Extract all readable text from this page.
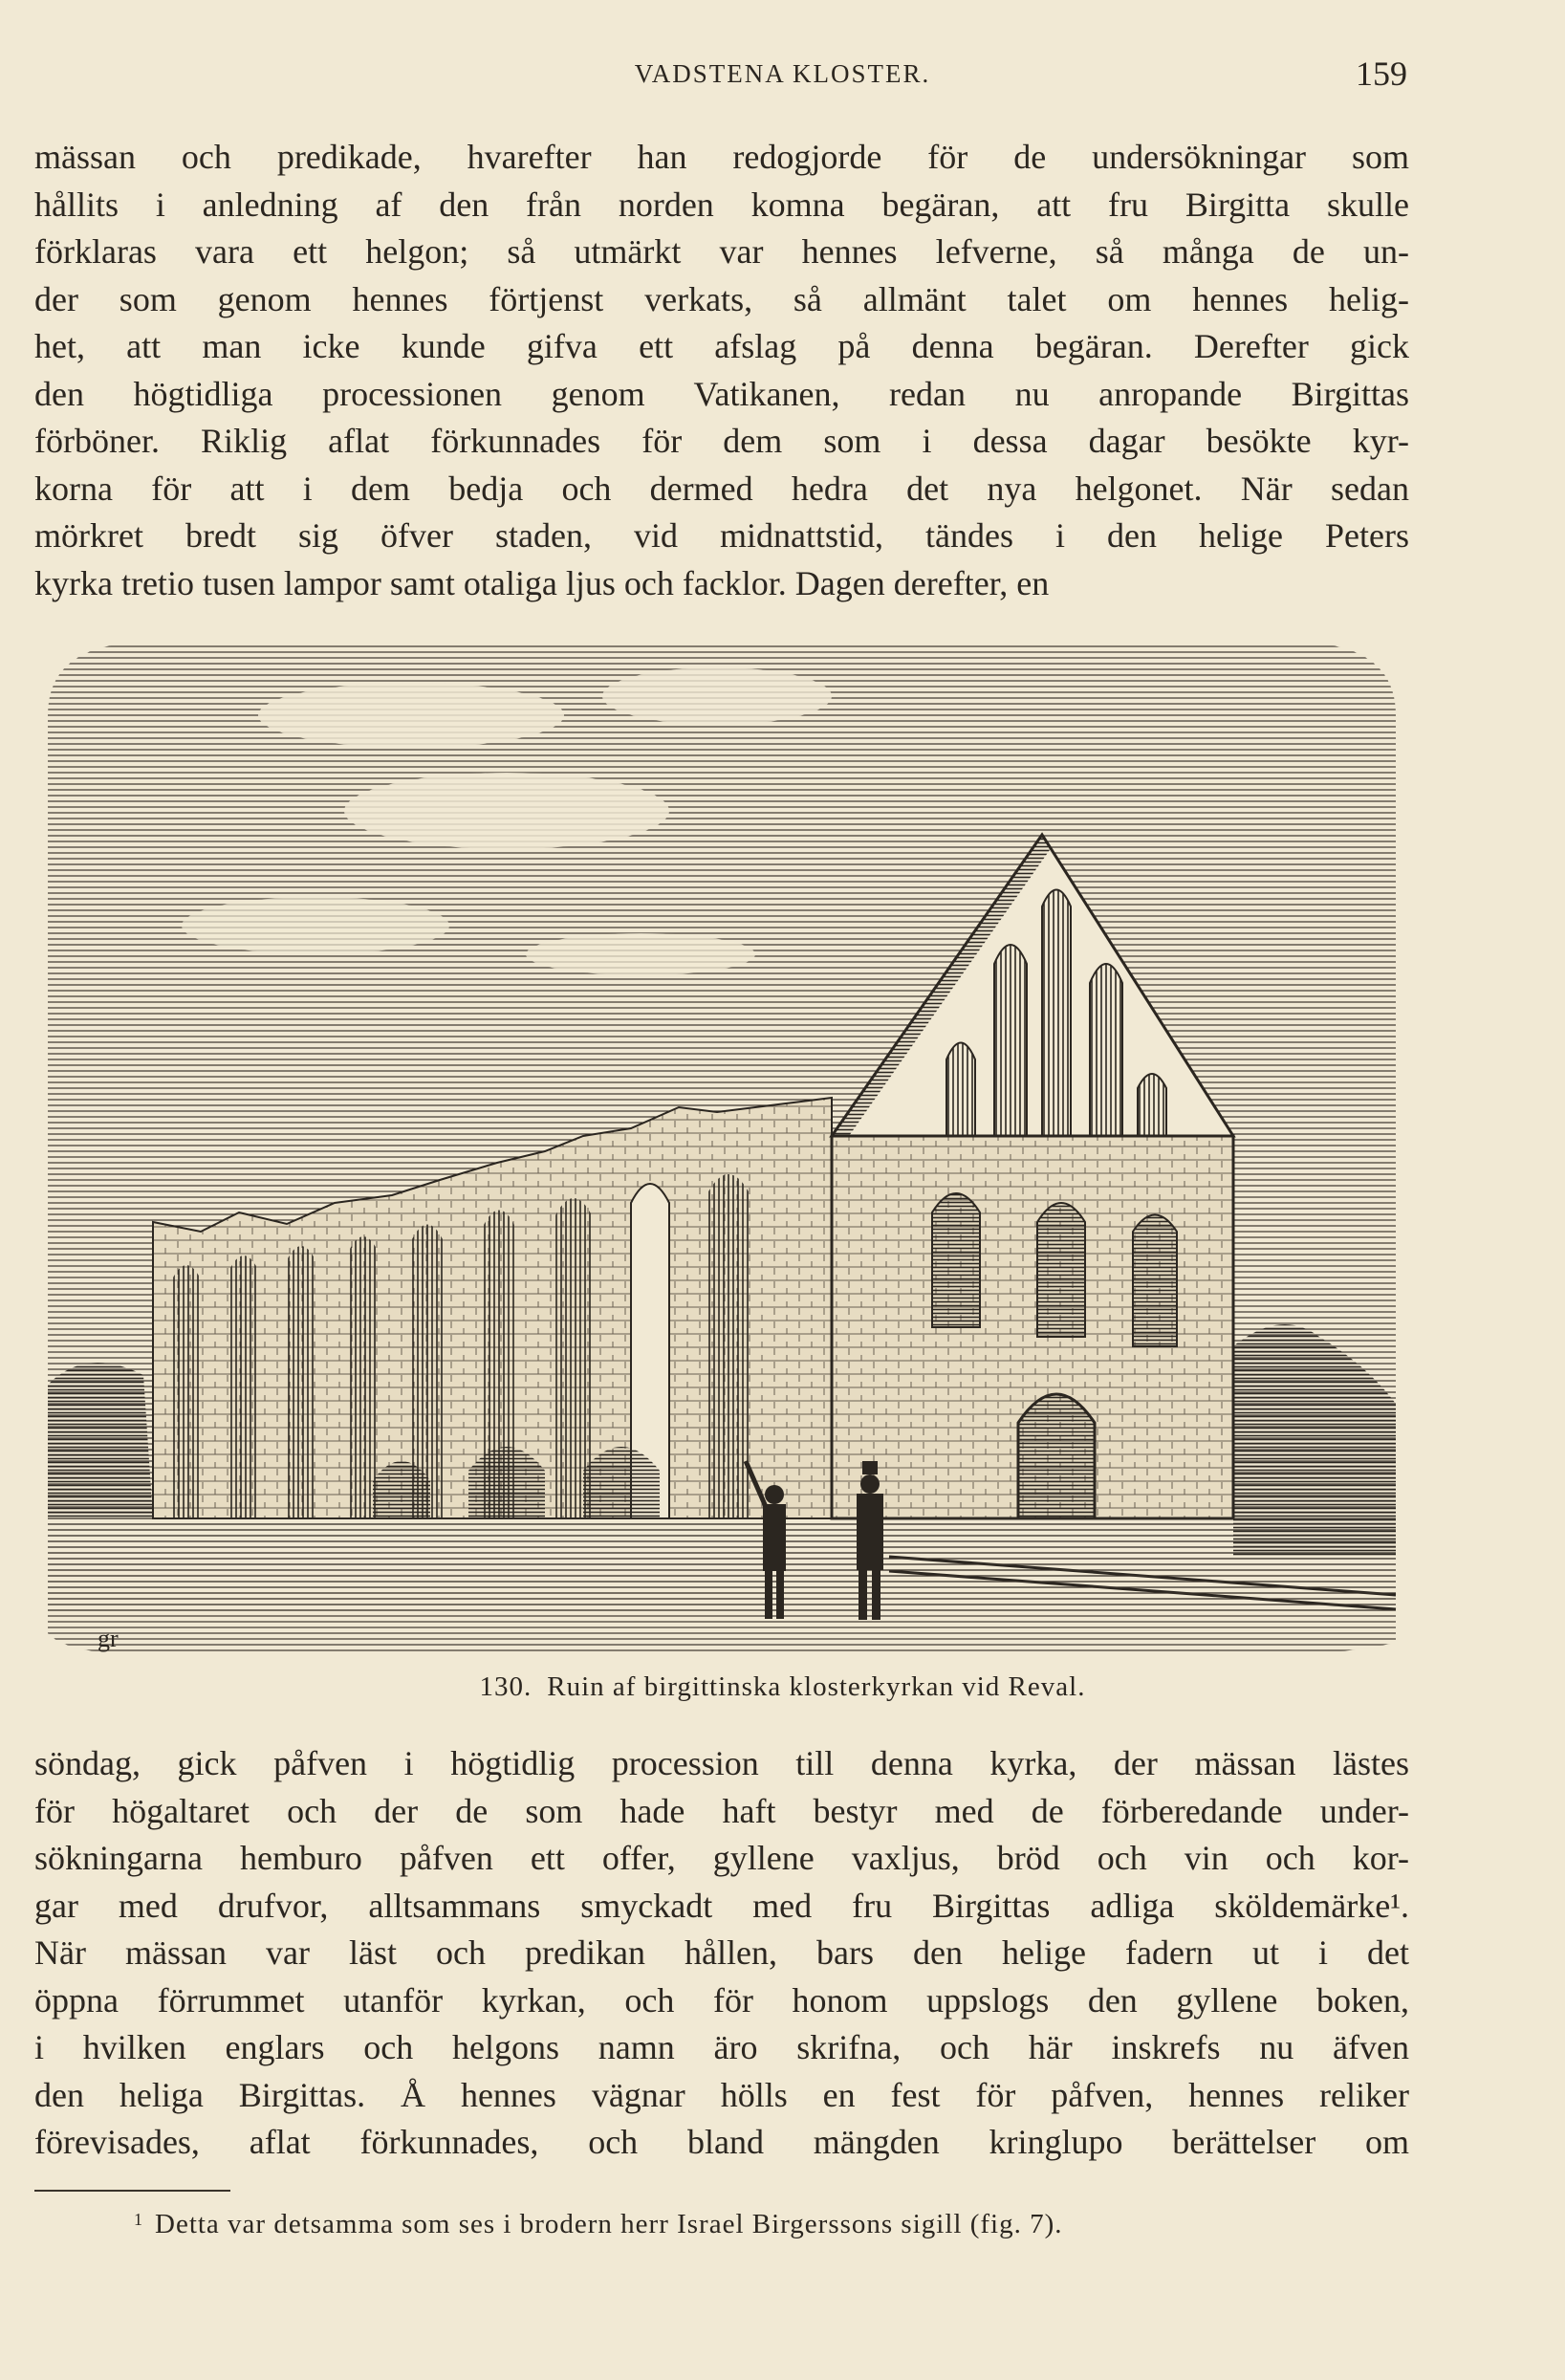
VADSTENA KLOSTER.	159
mässan och predikade, hvarefter han redogjorde för de undersökningar som
hållits i anledning af den från norden komna begäran, att fru Birgitta skulle
förklaras vara ett helgon; så utmärkt var hennes lefverne, så många de un-
der som genom hennes förtjenst verkats, så allmänt talet om hennes helig-
het, att man icke kunde gifva ett afslag på denna begäran. Derefter gick
den högtidliga processionen genom Vatikanen, redan nu anropande Birgittas
förböner. Riklig aflat förkunnades för dem som i dessa dagar besökte kyr-
korna för att i dem bedja och dermed hedra det nya helgonet. När sedan
mörkret bredt sig öfver staden, vid midnattstid, tändes i den helige Peters
kyrka tretio tusen lampor samt otaliga ljus och facklor. Dagen derefter, en
gr
130. Ruin af birgittinska klosterkyrkan vid Reval.
söndag, gick påfven i högtidlig procession till denna kyrka, der mässan lästes
för högaltaret och der de som hade haft bestyr med de förberedande under-
sökningarna hemburo påfven ett offer, gyllene vaxljus, bröd och vin och kor-
gar med drufvor, alltsammans smyckadt med fru Birgittas adliga sköldemärke¹.
När mässan var läst och predikan hållen, bars den helige fadern ut i det
öppna förrummet utanför kyrkan, och för honom uppslogs den gyllene boken,
i hvilken englars och helgons namn äro skrifna, och här inskrefs nu äfven
den heliga Birgittas. Å hennes vägnar hölls en fest för påfven, hennes reliker
förevisades, aflat förkunnades, och bland mängden kringlupo berättelser om
$^1$ Detta var detsamma som ses i brodern herr Israel Birgerssons sigill (fig. 7).
